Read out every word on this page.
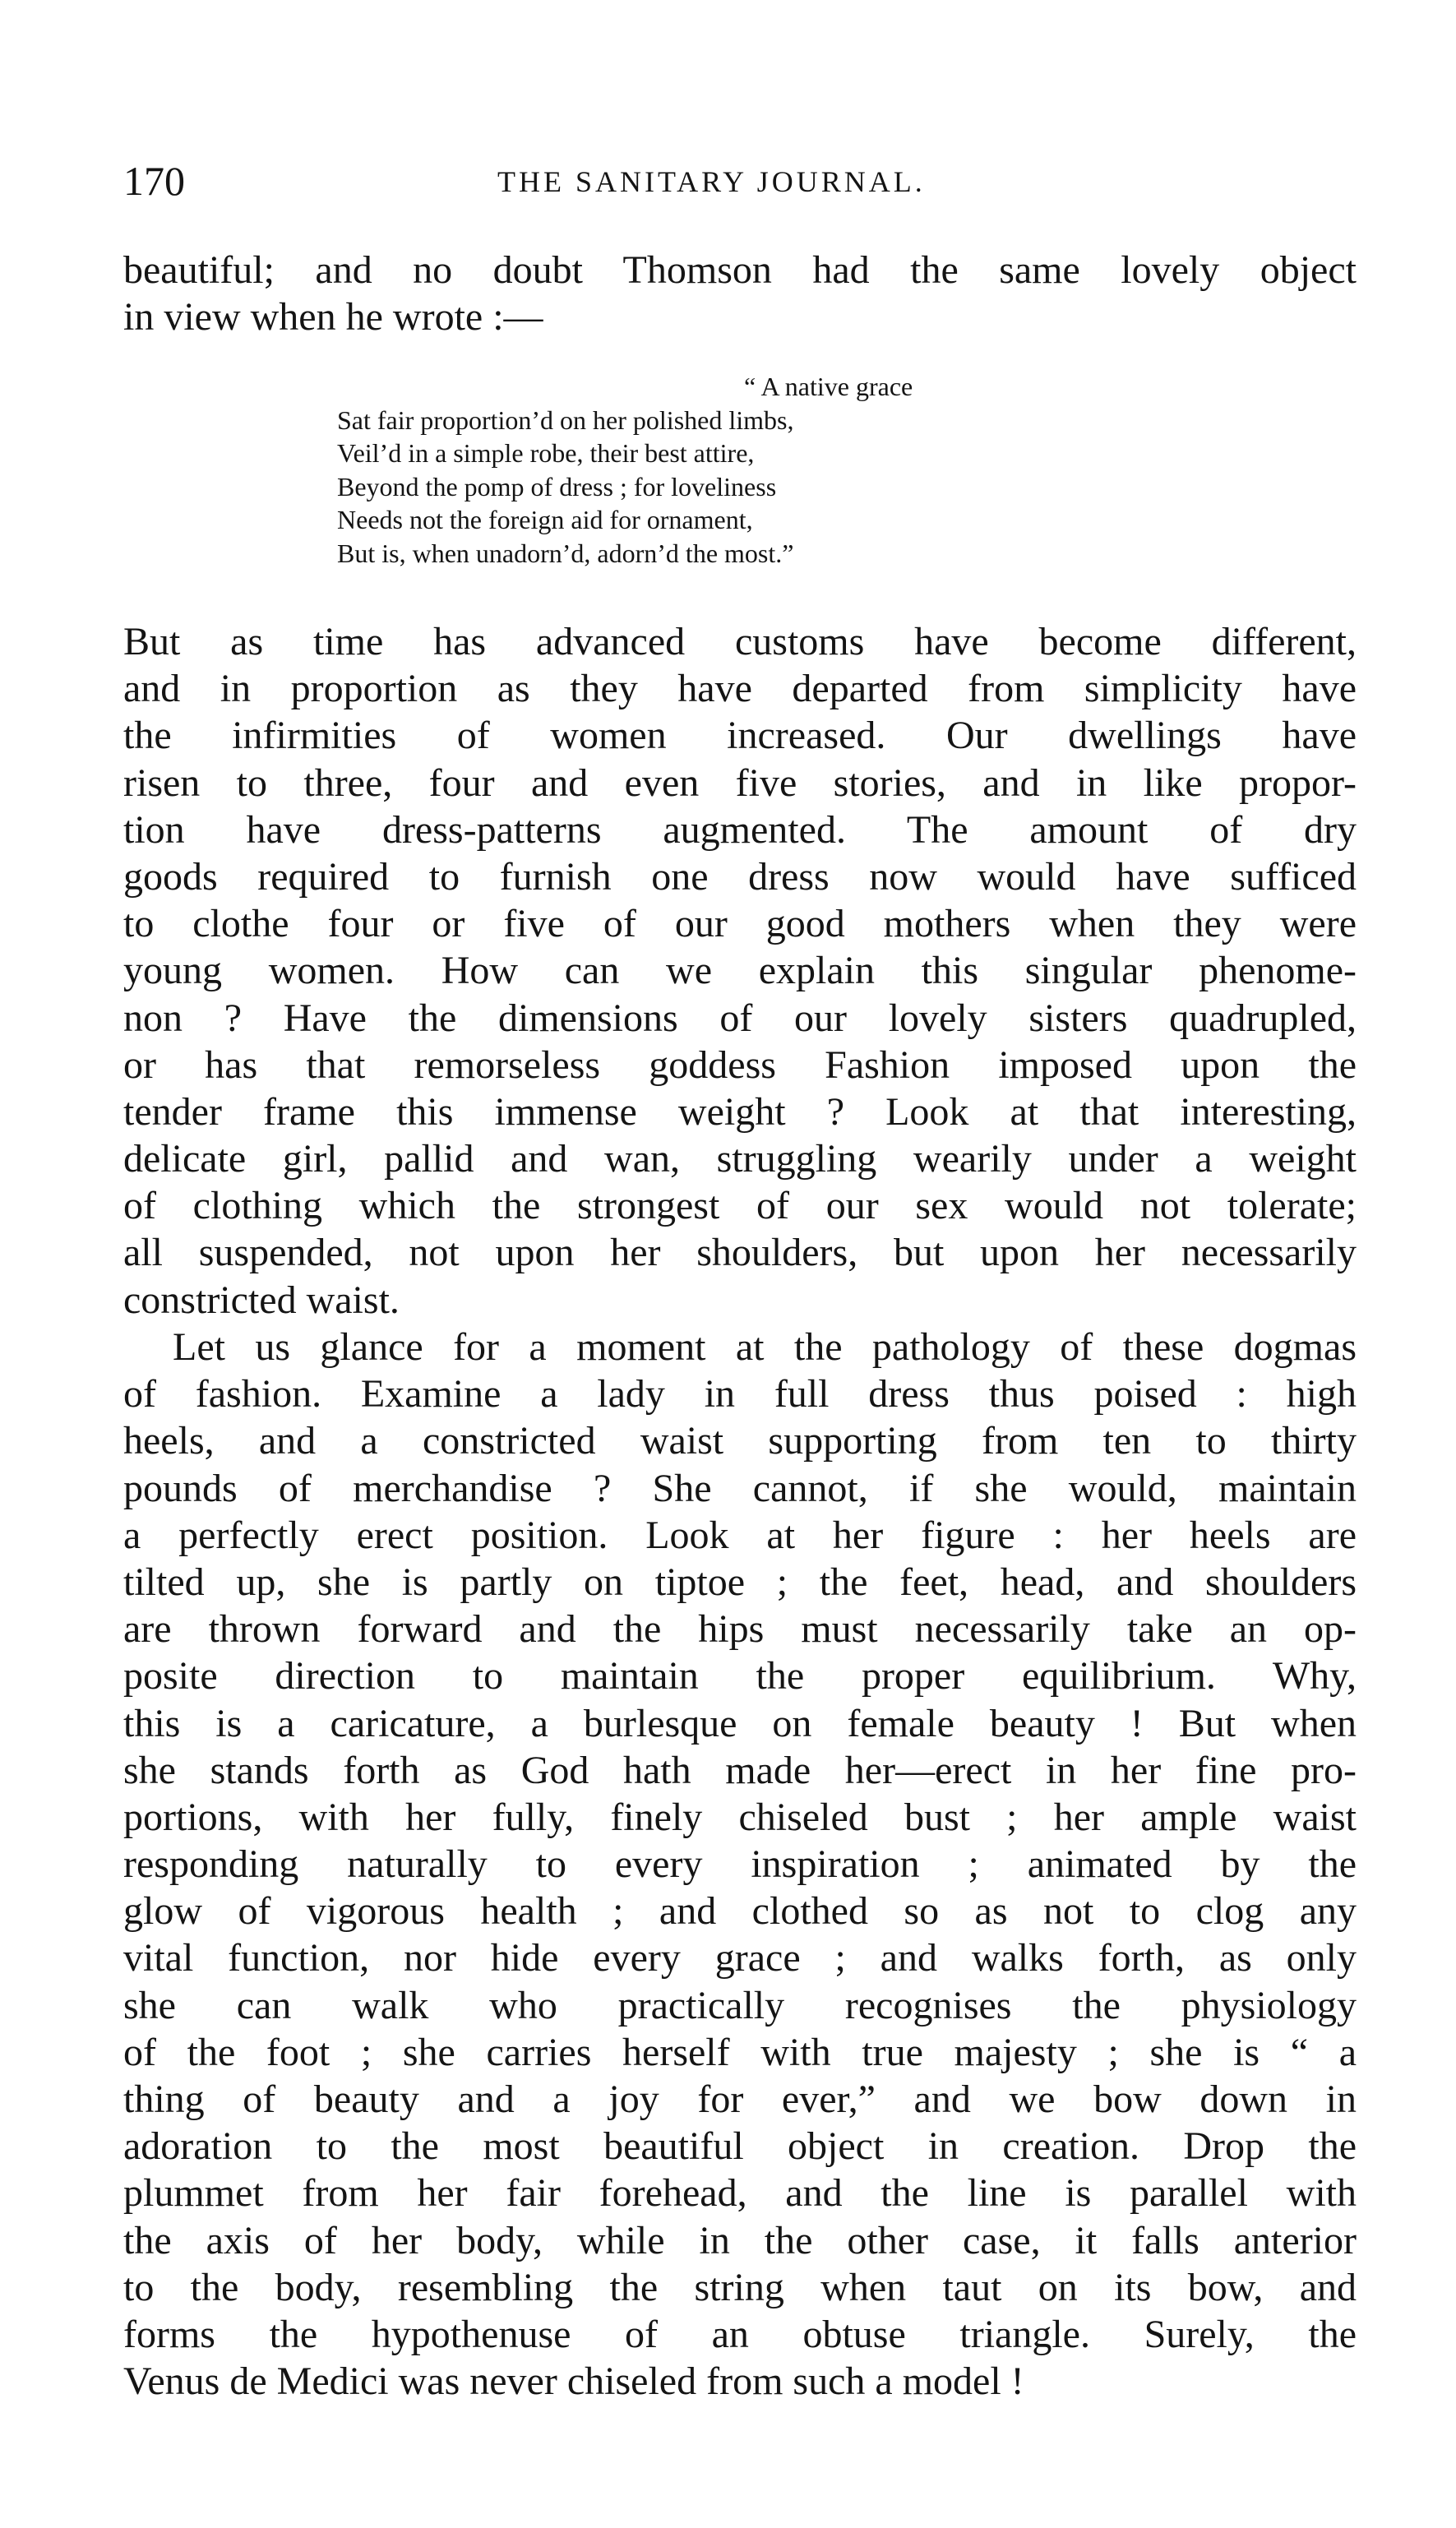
170	THE SANITARY JOURNAL.
beautiful; and no doubt Thomson had the same lovely object
in view when he wrote :—
“ A native grace
Sat fair proportion’d on her polished limbs,
Veil’d in a simple robe, their best attire,
Beyond the pomp of dress ; for loveliness
Needs not the foreign aid for ornament,
But is, when unadorn’d, adorn’d the most.”
But as time has advanced customs have become different,
and in proportion as they have departed from simplicity have
the infirmities of women increased. Our dwellings have
risen to three, four and even five stories, and in like propor-
tion have dress-patterns augmented. The amount of dry
goods required to furnish one dress now would have sufficed
to clothe four or five of our good mothers when they were
young women. How can we explain this singular phenome-
non ? Have the dimensions of our lovely sisters quadrupled,
or has that remorseless goddess Fashion imposed upon the
tender frame this immense weight ? Look at that interesting,
delicate girl, pallid and wan, struggling wearily under a weight
of clothing which the strongest of our sex would not tolerate;
all suspended, not upon her shoulders, but upon her necessarily
constricted waist.
Let us glance for a moment at the pathology of these dogmas
of fashion. Examine a lady in full dress thus poised : high
heels, and a constricted waist supporting from ten to thirty
pounds of merchandise ? She cannot, if she would, maintain
a perfectly erect position. Look at her figure : her heels are
tilted up, she is partly on tiptoe ; the feet, head, and shoulders
are thrown forward and the hips must necessarily take an op-
posite direction to maintain the proper equilibrium. Why,
this is a caricature, a burlesque on female beauty ! But when
she stands forth as God hath made her—erect in her fine pro-
portions, with her fully, finely chiseled bust ; her ample waist
responding naturally to every inspiration ; animated by the
glow of vigorous health ; and clothed so as not to clog any
vital function, nor hide every grace ; and walks forth, as only
she can walk who practically recognises the physiology
of the foot ; she carries herself with true majesty ; she is “ a
thing of beauty and a joy for ever,” and we bow down in
adoration to the most beautiful object in creation. Drop the
plummet from her fair forehead, and the line is parallel with
the axis of her body, while in the other case, it falls anterior
to the body, resembling the string when taut on its bow, and
forms the hypothenuse of an obtuse triangle. Surely, the
Venus de Medici was never chiseled from such a model !
